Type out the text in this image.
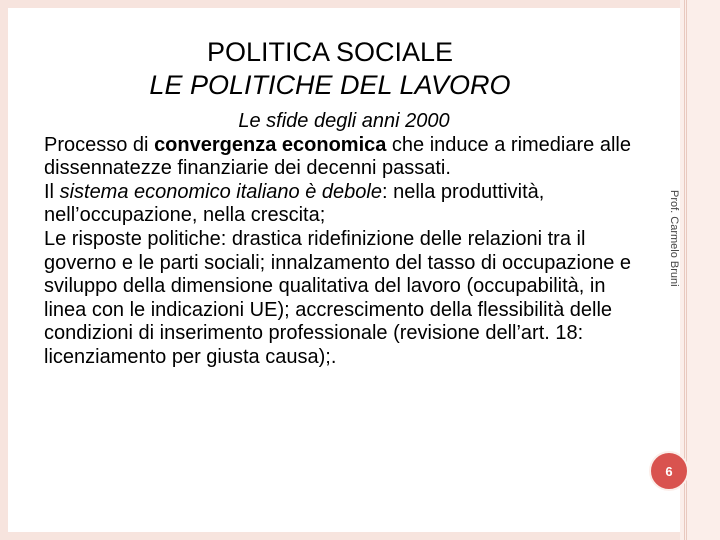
POLITICA SOCIALE
LE POLITICHE DEL LAVORO
Le sfide degli anni 2000

Processo di convergenza economica che induce a rimediare alle dissennatezze finanziarie dei decenni passati.

Il sistema economico italiano è debole: nella produttività, nell’occupazione, nella crescita;

Le risposte politiche: drastica ridefinizione delle relazioni tra il governo e le parti sociali; innalzamento del tasso di occupazione e sviluppo della dimensione qualitativa del lavoro (occupabilità, in linea con le indicazioni UE); accrescimento della flessibilità delle condizioni di inserimento professionale (revisione dell’art. 18: licenziamento per giusta causa);.

Prof. Carmelo Bruni
6
